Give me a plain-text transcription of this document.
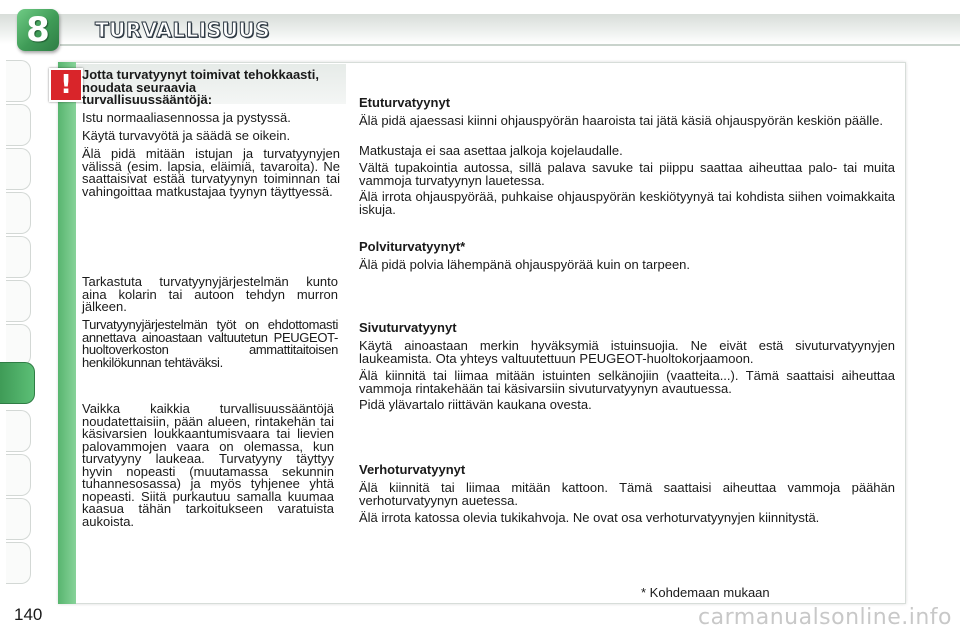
8	TURVALLISUUS
! Jotta turvatyynyt toimivat tehokkaasti, noudata seuraavia turvallisuussääntöjä:

Istu normaaliasennossa ja pystyssä.

Käytä turvavyötä ja säädä se oikein.

Älä pidä mitään istujan ja turvatyynyjen välissä (esim. lapsia, eläimiä, tavaroita). Ne saattaisivat estää turvatyynyn toiminnan tai vahingoittaa matkustajaa tyynyn täyttyessä.

Tarkastuta turvatyynyjärjestelmän kunto aina kolarin tai autoon tehdyn murron jälkeen.

Turvatyynyjärjestelmän työt on ehdottomasti annettava ainoastaan valtuutetun PEUGEOT-huoltoverkoston ammattitaitoisen henkilökunnan tehtäväksi.

Vaikka kaikkia turvallisuussääntöjä noudatettaisiin, pään alueen, rintakehän tai käsivarsien loukkaantumisvaara tai lievien palovammojen vaara on olemassa, kun turvatyyny laukeaa. Turvatyyny täyttyy hyvin nopeasti (muutamassa sekunnin tuhannesosassa) ja myös tyhjenee yhtä nopeasti. Siitä purkautuu samalla kuumaa kaasua tähän tarkoitukseen varatuista aukoista.

Etuturvatyynyt

Älä pidä ajaessasi kiinni ohjauspyörän haaroista tai jätä käsiä ohjauspyörän keskiön päälle.

Matkustaja ei saa asettaa jalkoja kojelaudalle.

Vältä tupakointia autossa, sillä palava savuke tai piippu saattaa aiheuttaa palo- tai muita vammoja turvatyynyn lauetessa.

Älä irrota ohjauspyörää, puhkaise ohjauspyörän keskiötyynyä tai kohdista siihen voimakkaita iskuja.

Polviturvatyynyt*

Älä pidä polvia lähempänä ohjauspyörää kuin on tarpeen.

Sivuturvatyynyt

Käytä ainoastaan merkin hyväksymiä istuinsuojia. Ne eivät estä sivuturvatyynyjen laukeamista. Ota yhteys valtuutettuun PEUGEOT-huoltokorjaamoon.

Älä kiinnitä tai liimaa mitään istuinten selkänojiin (vaatteita...). Tämä saattaisi aiheuttaa vammoja rintakehään tai käsivarsiin sivuturvatyynyn avautuessa.

Pidä ylävartalo riittävän kaukana ovesta.

Verhoturvatyynyt

Älä kiinnitä tai liimaa mitään kattoon. Tämä saattaisi aiheuttaa vammoja päähän verhoturvatyynyn auetessa.

Älä irrota katossa olevia tukikahvoja. Ne ovat osa verhoturvatyynyjen kiinnitystä.

* Kohdemaan mukaan

140	carmanualsonline.info
